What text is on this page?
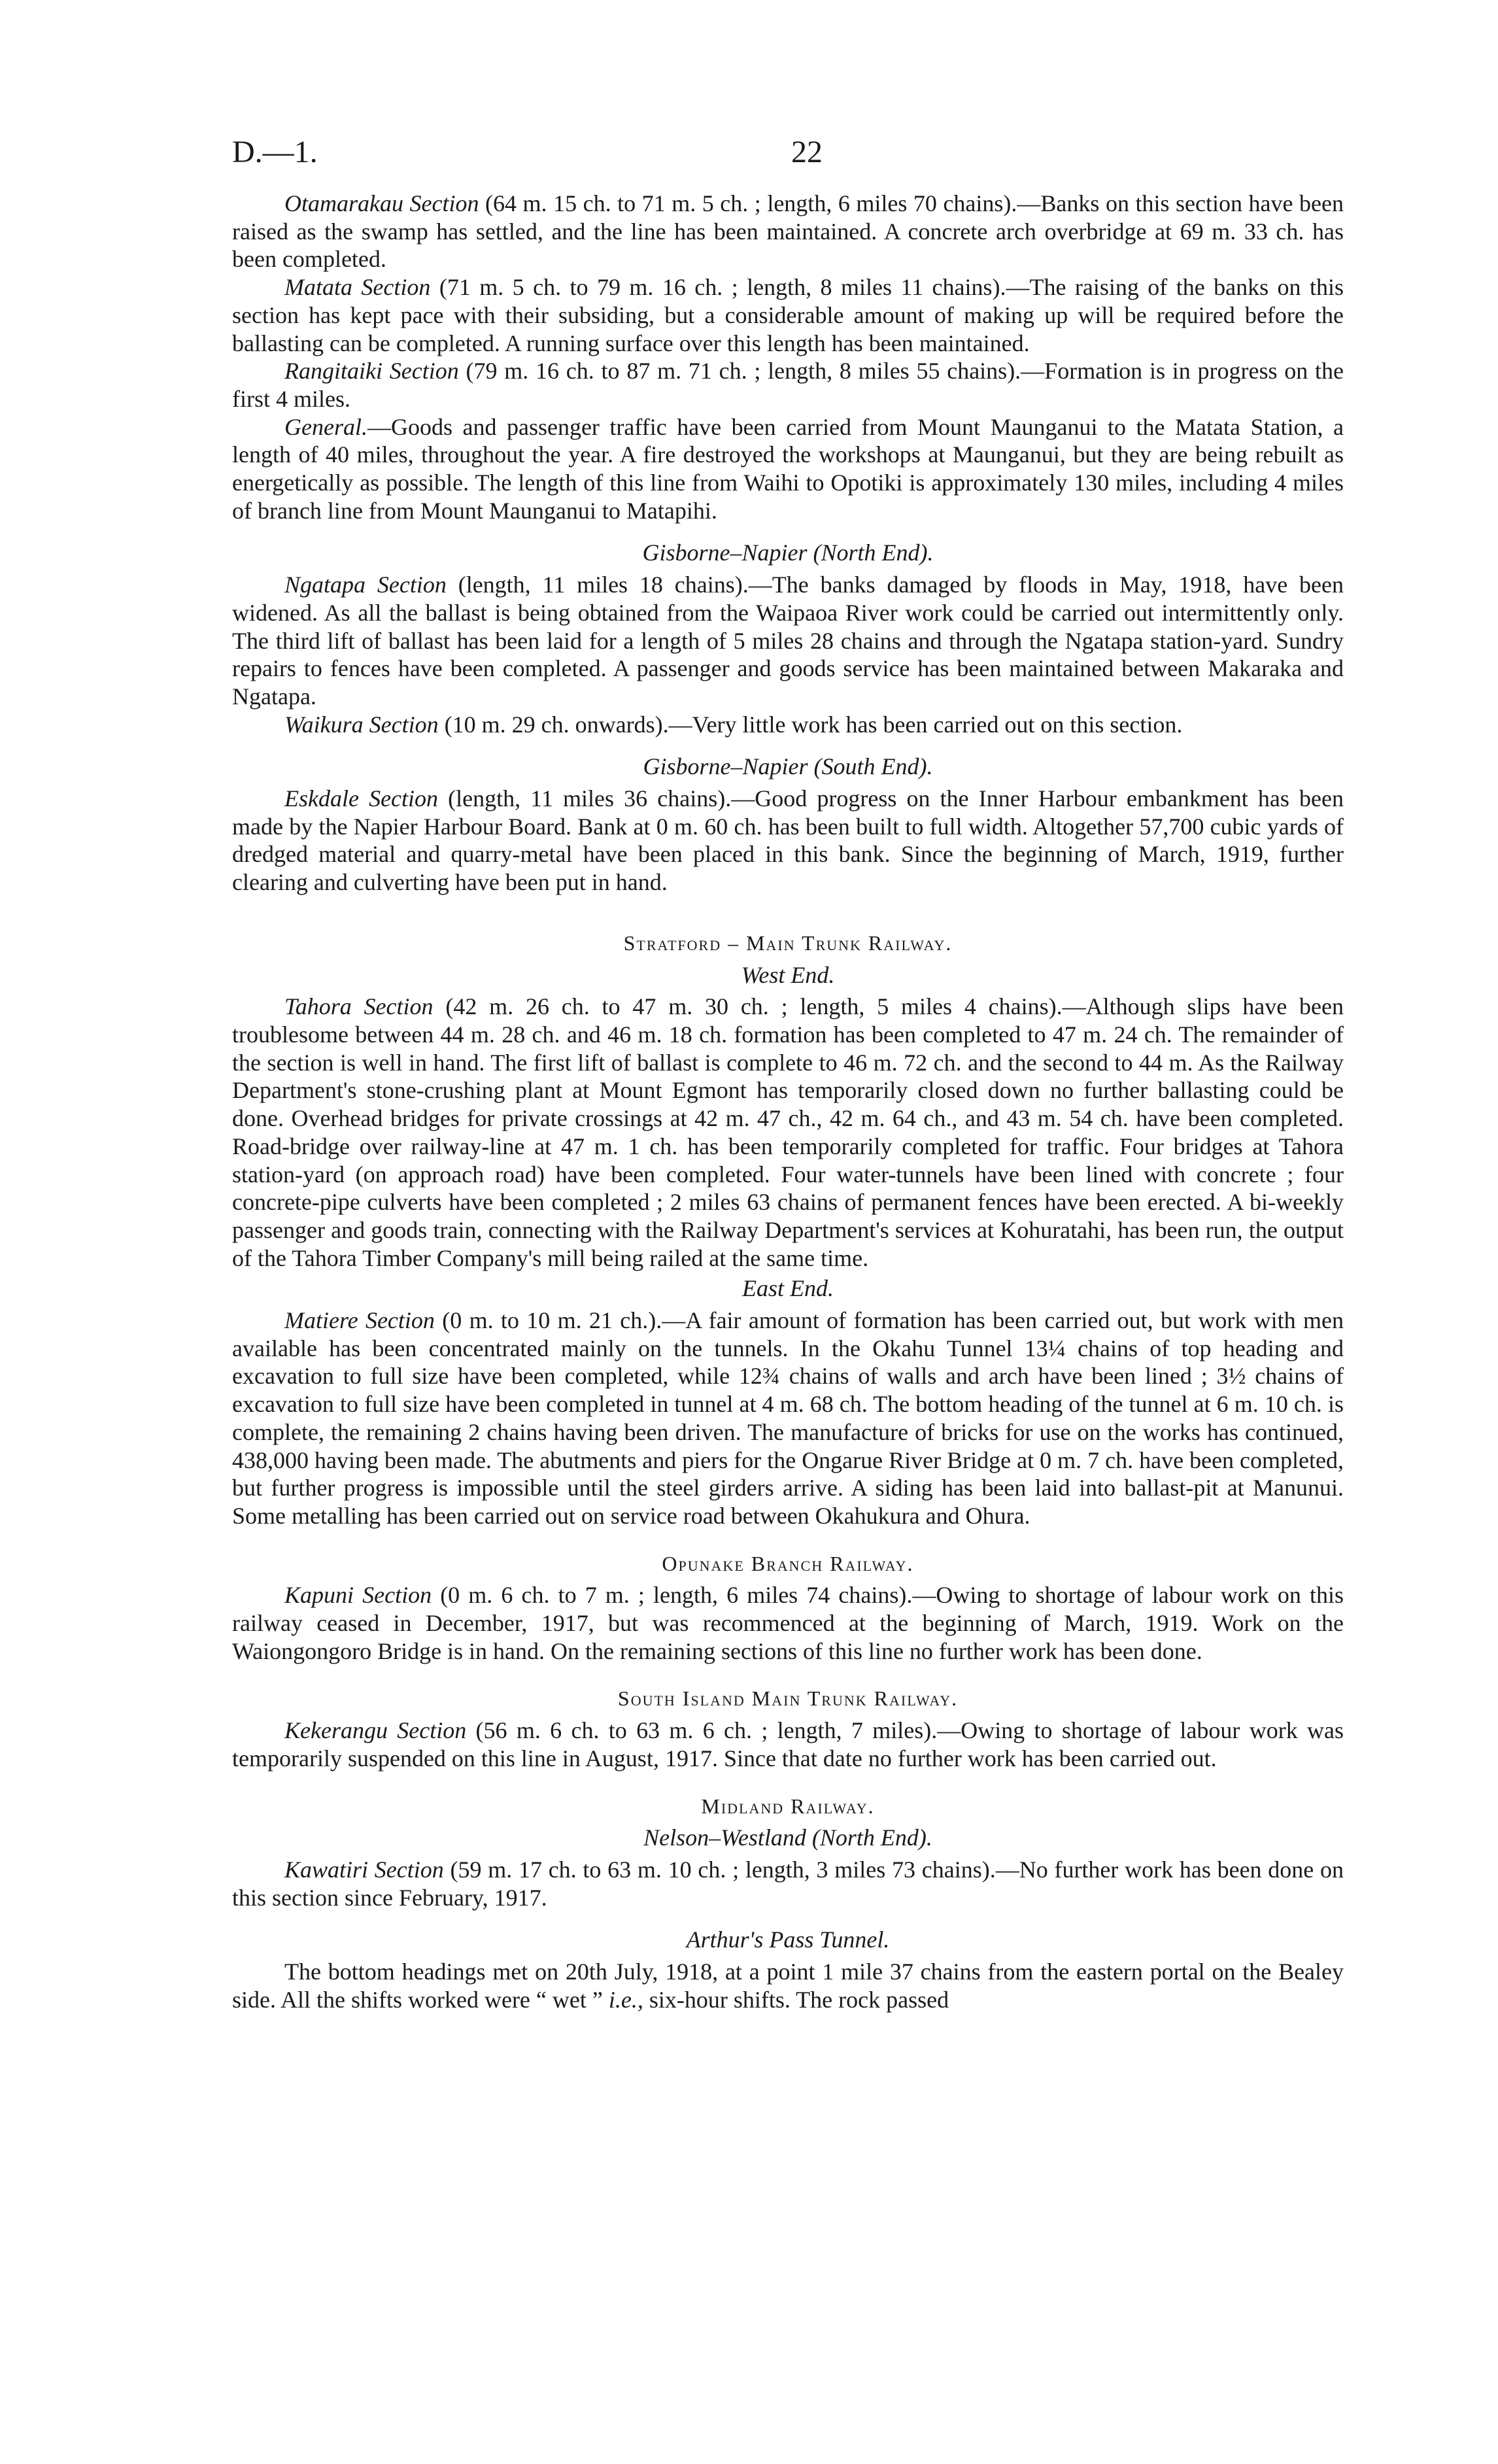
D.—1.	22

Otamarakau Section (64 m. 15 ch. to 71 m. 5 ch. ; length, 6 miles 70 chains).—Banks on this section have been raised as the swamp has settled, and the line has been maintained. A concrete arch overbridge at 69 m. 33 ch. has been completed.

Matata Section (71 m. 5 ch. to 79 m. 16 ch. ; length, 8 miles 11 chains).—The raising of the banks on this section has kept pace with their subsiding, but a considerable amount of making up will be required before the ballasting can be completed. A running surface over this length has been maintained.

Rangitaiki Section (79 m. 16 ch. to 87 m. 71 ch. ; length, 8 miles 55 chains).—Formation is in progress on the first 4 miles.

General.—Goods and passenger traffic have been carried from Mount Maunganui to the Matata Station, a length of 40 miles, throughout the year. A fire destroyed the workshops at Maunganui, but they are being rebuilt as energetically as possible. The length of this line from Waihi to Opotiki is approximately 130 miles, including 4 miles of branch line from Mount Maunganui to Matapihi.

Gisborne–Napier (North End).

Ngatapa Section (length, 11 miles 18 chains).—The banks damaged by floods in May, 1918, have been widened. As all the ballast is being obtained from the Waipaoa River work could be carried out intermittently only. The third lift of ballast has been laid for a length of 5 miles 28 chains and through the Ngatapa station-yard. Sundry repairs to fences have been completed. A passenger and goods service has been maintained between Makaraka and Ngatapa.

Waikura Section (10 m. 29 ch. onwards).—Very little work has been carried out on this section.

Gisborne–Napier (South End).

Eskdale Section (length, 11 miles 36 chains).—Good progress on the Inner Harbour embankment has been made by the Napier Harbour Board. Bank at 0 m. 60 ch. has been built to full width. Altogether 57,700 cubic yards of dredged material and quarry-metal have been placed in this bank. Since the beginning of March, 1919, further clearing and culverting have been put in hand.

Stratford – Main Trunk Railway.
West End.

Tahora Section (42 m. 26 ch. to 47 m. 30 ch. ; length, 5 miles 4 chains).—Although slips have been troublesome between 44 m. 28 ch. and 46 m. 18 ch. formation has been completed to 47 m. 24 ch. The remainder of the section is well in hand. The first lift of ballast is complete to 46 m. 72 ch. and the second to 44 m. As the Railway Department's stone-crushing plant at Mount Egmont has temporarily closed down no further ballasting could be done. Overhead bridges for private crossings at 42 m. 47 ch., 42 m. 64 ch., and 43 m. 54 ch. have been completed. Road-bridge over railway-line at 47 m. 1 ch. has been temporarily completed for traffic. Four bridges at Tahora station-yard (on approach road) have been completed. Four water-tunnels have been lined with concrete ; four concrete-pipe culverts have been completed ; 2 miles 63 chains of permanent fences have been erected. A bi-weekly passenger and goods train, connecting with the Railway Department's services at Kohuratahi, has been run, the output of the Tahora Timber Company's mill being railed at the same time.

East End.

Matiere Section (0 m. to 10 m. 21 ch.).—A fair amount of formation has been carried out, but work with men available has been concentrated mainly on the tunnels. In the Okahu Tunnel 13¼ chains of top heading and excavation to full size have been completed, while 12¾ chains of walls and arch have been lined ; 3½ chains of excavation to full size have been completed in tunnel at 4 m. 68 ch. The bottom heading of the tunnel at 6 m. 10 ch. is complete, the remaining 2 chains having been driven. The manufacture of bricks for use on the works has continued, 438,000 having been made. The abutments and piers for the Ongarue River Bridge at 0 m. 7 ch. have been completed, but further progress is impossible until the steel girders arrive. A siding has been laid into ballast-pit at Manunui. Some metalling has been carried out on service road between Okahukura and Ohura.

Opunake Branch Railway.

Kapuni Section (0 m. 6 ch. to 7 m. ; length, 6 miles 74 chains).—Owing to shortage of labour work on this railway ceased in December, 1917, but was recommenced at the beginning of March, 1919. Work on the Waiongongoro Bridge is in hand. On the remaining sections of this line no further work has been done.

South Island Main Trunk Railway.

Kekerangu Section (56 m. 6 ch. to 63 m. 6 ch. ; length, 7 miles).—Owing to shortage of labour work was temporarily suspended on this line in August, 1917. Since that date no further work has been carried out.

Midland Railway.
Nelson–Westland (North End).

Kawatiri Section (59 m. 17 ch. to 63 m. 10 ch. ; length, 3 miles 73 chains).—No further work has been done on this section since February, 1917.

Arthur's Pass Tunnel.

The bottom headings met on 20th July, 1918, at a point 1 mile 37 chains from the eastern portal on the Bealey side. All the shifts worked were “ wet ” i.e., six-hour shifts. The rock passed
